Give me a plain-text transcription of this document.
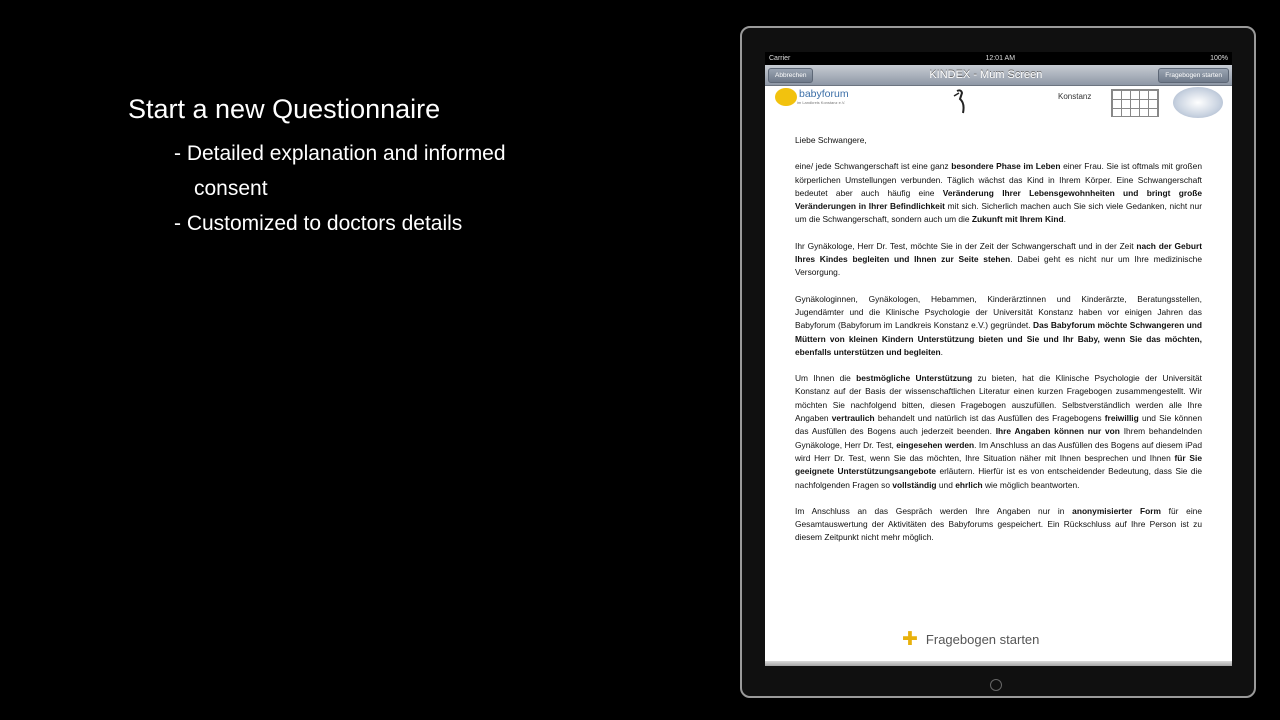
Start a new Questionnaire
- Detailed explanation and informed
consent
- Customized to doctors details
Carrier	12:01 AM	100%
Abbrechen	KINDEX - Mum Screen	Fragebogen starten
babyforum
im Landkreis Konstanz e.V.
Konstanz

Liebe Schwangere,

eine/ jede Schwangerschaft ist eine ganz besondere Phase im Leben einer Frau. Sie ist oftmals mit großen körperlichen Umstellungen verbunden. Täglich wächst das Kind in Ihrem Körper. Eine Schwangerschaft bedeutet aber auch häufig eine Veränderung Ihrer Lebensgewohnheiten und bringt große Veränderungen in Ihrer Befindlichkeit mit sich. Sicherlich machen auch Sie sich viele Gedanken, nicht nur um die Schwangerschaft, sondern auch um die Zukunft mit Ihrem Kind.

Ihr Gynäkologe, Herr Dr. Test, möchte Sie in der Zeit der Schwangerschaft und in der Zeit nach der Geburt Ihres Kindes begleiten und Ihnen zur Seite stehen. Dabei geht es nicht nur um Ihre medizinische Versorgung.

Gynäkologinnen, Gynäkologen, Hebammen, Kinderärztinnen und Kinderärzte, Beratungsstellen, Jugendämter und die Klinische Psychologie der Universität Konstanz haben vor einigen Jahren das Babyforum (Babyforum im Landkreis Konstanz e.V.) gegründet. Das Babyforum möchte Schwangeren und Müttern von kleinen Kindern Unterstützung bieten und Sie und Ihr Baby, wenn Sie das möchten, ebenfalls unterstützen und begleiten.

Um Ihnen die bestmögliche Unterstützung zu bieten, hat die Klinische Psychologie der Universität Konstanz auf der Basis der wissenschaftlichen Literatur einen kurzen Fragebogen zusammengestellt. Wir möchten Sie nachfolgend bitten, diesen Fragebogen auszufüllen. Selbstverständlich werden alle Ihre Angaben vertraulich behandelt und natürlich ist das Ausfüllen des Fragebogens freiwillig und Sie können das Ausfüllen des Bogens auch jederzeit beenden. Ihre Angaben können nur von Ihrem behandelnden Gynäkologe, Herr Dr. Test, eingesehen werden. Im Anschluss an das Ausfüllen des Bogens auf diesem iPad wird Herr Dr. Test, wenn Sie das möchten, Ihre Situation näher mit Ihnen besprechen und Ihnen für Sie geeignete Unterstützungsangebote erläutern. Hierfür ist es von entscheidender Bedeutung, dass Sie die nachfolgenden Fragen so vollständig und ehrlich wie möglich beantworten.

Im Anschluss an das Gespräch werden Ihre Angaben nur in anonymisierter Form für eine Gesamtauswertung der Aktivitäten des Babyforums gespeichert. Ein Rückschluss auf Ihre Person ist zu diesem Zeitpunkt nicht mehr möglich.

✚ Fragebogen starten
